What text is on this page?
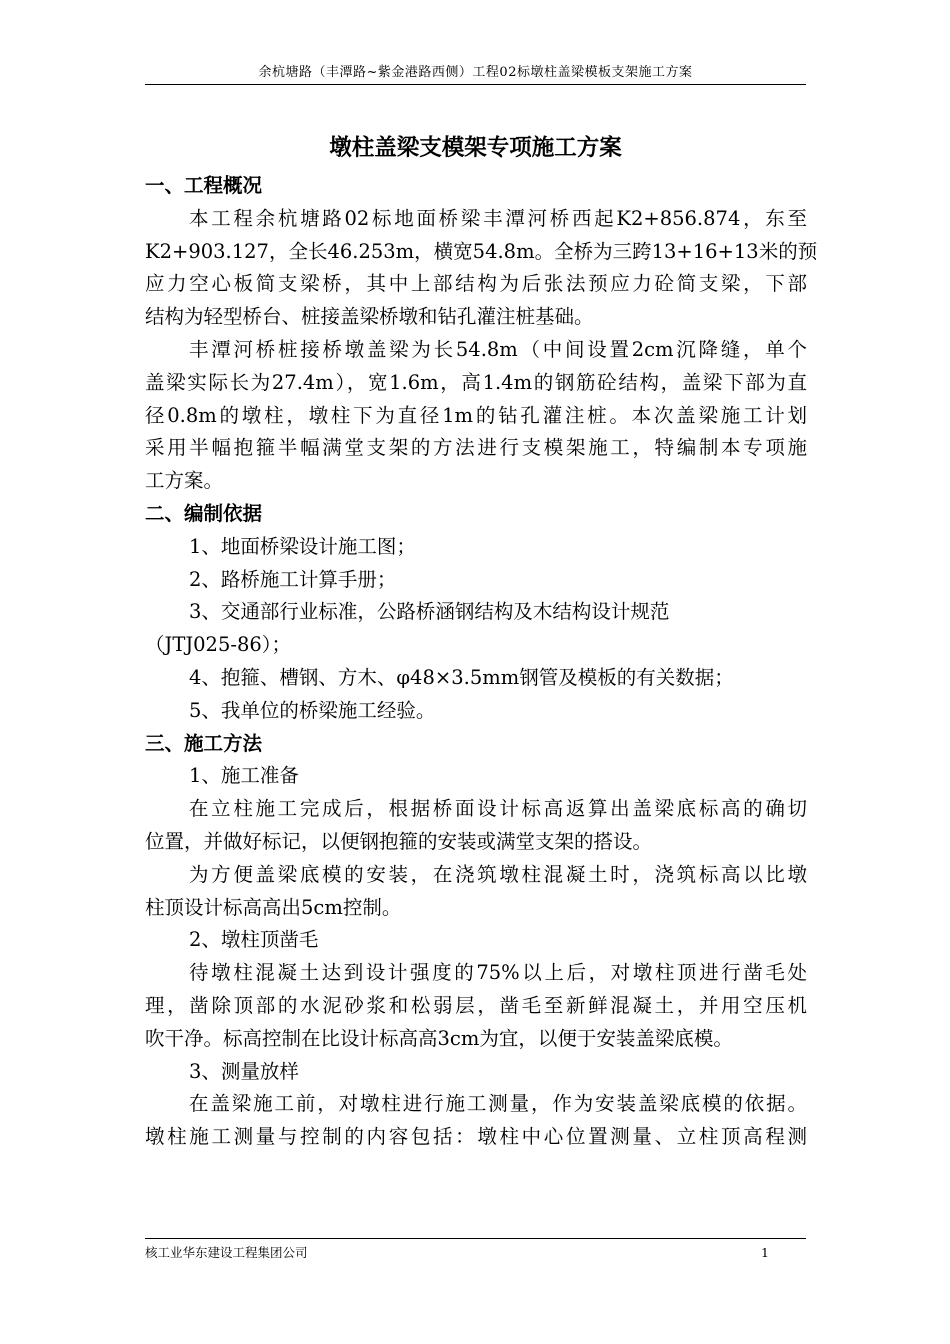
余杭塘路（丰潭路~紫金港路西侧）工程02标墩柱盖梁模板支架施工方案
墩柱盖梁支模架专项施工方案
一、工程概况
本工程余杭塘路02标地面桥梁丰潭河桥西起K2+856.874，东至
K2+903.127，全长46.253m，横宽54.8m。全桥为三跨13+16+13米的预
应力空心板简支梁桥，其中上部结构为后张法预应力砼简支梁，下部
结构为轻型桥台、桩接盖梁桥墩和钻孔灌注桩基础。
丰潭河桥桩接桥墩盖梁为长54.8m（中间设置2cm沉降缝，单个
盖梁实际长为27.4m），宽1.6m，高1.4m的钢筋砼结构，盖梁下部为直
径0.8m的墩柱，墩柱下为直径1m的钻孔灌注桩。本次盖梁施工计划
采用半幅抱箍半幅满堂支架的方法进行支模架施工，特编制本专项施
工方案。
二、编制依据
1、地面桥梁设计施工图；
2、路桥施工计算手册；
3、交通部行业标准，公路桥涵钢结构及木结构设计规范
（JTJ025-86）；
4、抱箍、槽钢、方木、φ48×3.5mm钢管及模板的有关数据；
5、我单位的桥梁施工经验。
三、施工方法
1、施工准备
在立柱施工完成后，根据桥面设计标高返算出盖梁底标高的确切
位置，并做好标记，以便钢抱箍的安装或满堂支架的搭设。
为方便盖梁底模的安装，在浇筑墩柱混凝土时，浇筑标高以比墩
柱顶设计标高高出5cm控制。
2、墩柱顶凿毛
待墩柱混凝土达到设计强度的75%以上后，对墩柱顶进行凿毛处
理，凿除顶部的水泥砂浆和松弱层，凿毛至新鲜混凝土，并用空压机
吹干净。标高控制在比设计标高高3cm为宜，以便于安装盖梁底模。
3、测量放样
在盖梁施工前，对墩柱进行施工测量，作为安装盖梁底模的依据。
墩柱施工测量与控制的内容包括：墩柱中心位置测量、立柱顶高程测
核工业华东建设工程集团公司	1
